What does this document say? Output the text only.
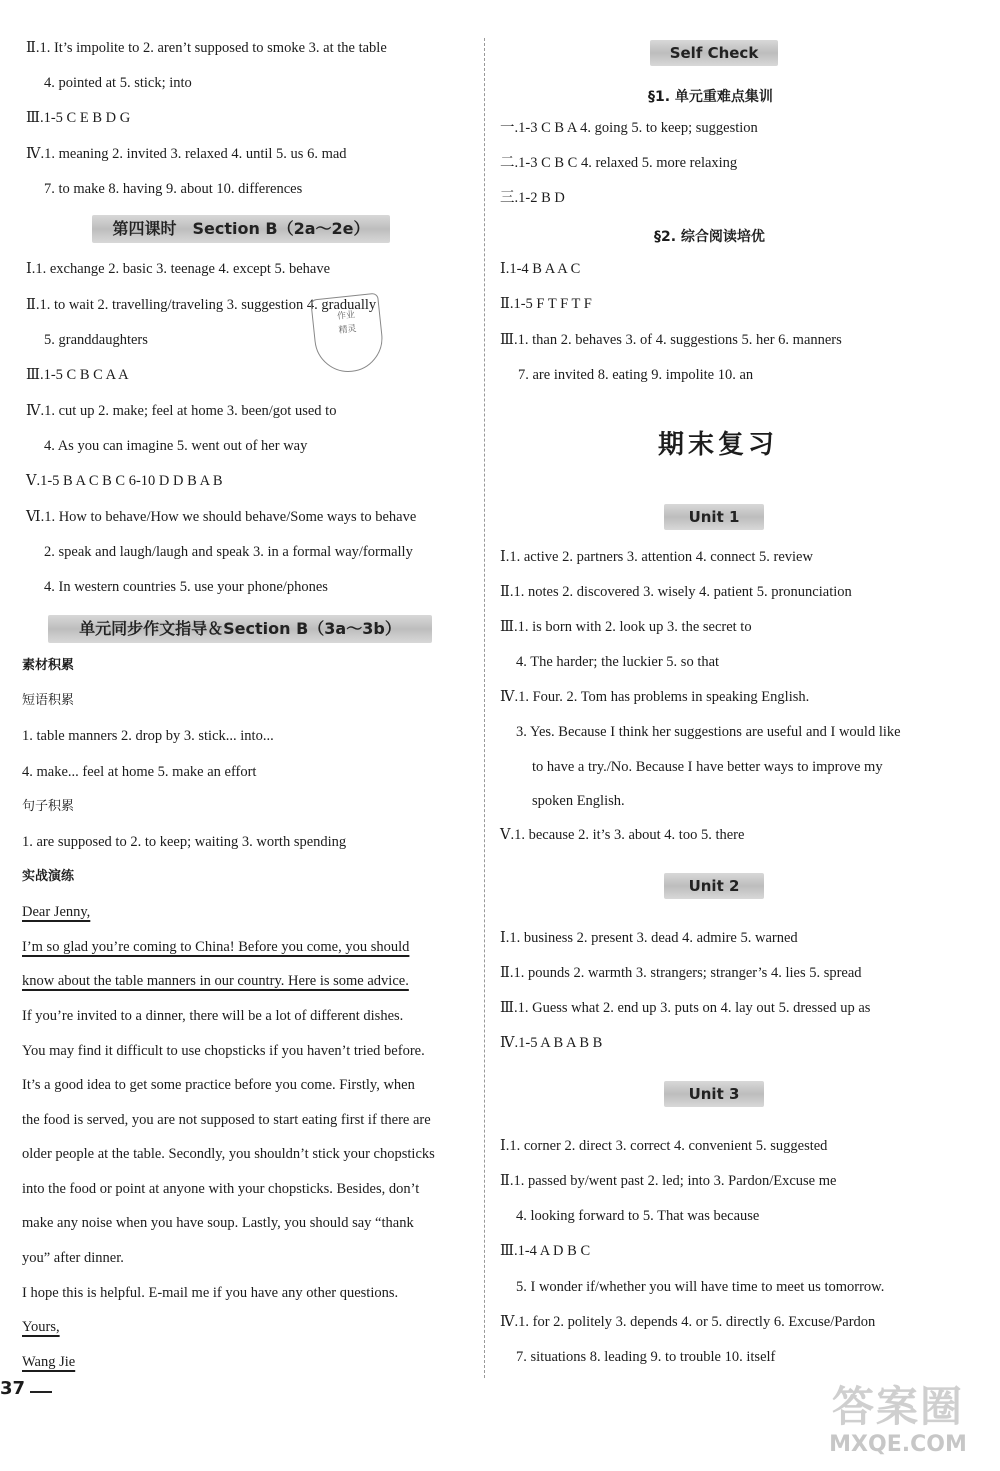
Ⅱ.1. It’s impolite to 2. aren’t supposed to smoke 3. at the table
4. pointed at 5. stick; into
Ⅲ.1-5 C E B D G
Ⅳ.1. meaning 2. invited 3. relaxed 4. until 5. us 6. mad
7. to make 8. having 9. about 10. differences
第四课时　Section B（2a～2e）
Ⅰ.1. exchange 2. basic 3. teenage 4. except 5. behave
Ⅱ.1. to wait 2. travelling/traveling 3. suggestion 4. gradually
5. granddaughters
Ⅲ.1-5 C B C A A
Ⅳ.1. cut up 2. make; feel at home 3. been/got used to
4. As you can imagine 5. went out of her way
Ⅴ.1-5 B A C B C 6-10 D D B A B
Ⅵ.1. How to behave/How we should behave/Some ways to behave
2. speak and laugh/laugh and speak 3. in a formal way/formally
4. In western countries 5. use your phone/phones
作业
精灵
单元同步作文指导＆Section B（3a～3b）
素材积累
短语积累
1. table manners 2. drop by 3. stick... into...
4. make... feel at home 5. make an effort
句子积累
1. are supposed to 2. to keep; waiting 3. worth spending
实战演练
Dear Jenny,
I’m so glad you’re coming to China! Before you come, you should
know about the table manners in our country. Here is some advice.
If you’re invited to a dinner, there will be a lot of different dishes.
You may find it difficult to use chopsticks if you haven’t tried before.
It’s a good idea to get some practice before you come. Firstly, when
the food is served, you are not supposed to start eating first if there are
older people at the table. Secondly, you shouldn’t stick your chopsticks
into the food or point at anyone with your chopsticks. Besides, don’t
make any noise when you have soup. Lastly, you should say “thank
you” after dinner.
I hope this is helpful. E-mail me if you have any other questions.
Yours,
Wang Jie
37
Self Check
§1. 单元重难点集训
一.1-3 C B A 4. going 5. to keep; suggestion
二.1-3 C B C 4. relaxed 5. more relaxing
三.1-2 B D
§2. 综合阅读培优
Ⅰ.1-4 B A A C
Ⅱ.1-5 F T F T F
Ⅲ.1. than 2. behaves 3. of 4. suggestions 5. her 6. manners
7. are invited 8. eating 9. impolite 10. an
期末复习
Unit 1
Ⅰ.1. active 2. partners 3. attention 4. connect 5. review
Ⅱ.1. notes 2. discovered 3. wisely 4. patient 5. pronunciation
Ⅲ.1. is born with 2. look up 3. the secret to
4. The harder; the luckier 5. so that
Ⅳ.1. Four. 2. Tom has problems in speaking English.
3. Yes. Because I think her suggestions are useful and I would like
to have a try./No. Because I have better ways to improve my
spoken English.
Ⅴ.1. because 2. it’s 3. about 4. too 5. there
Unit 2
Ⅰ.1. business 2. present 3. dead 4. admire 5. warned
Ⅱ.1. pounds 2. warmth 3. strangers; stranger’s 4. lies 5. spread
Ⅲ.1. Guess what 2. end up 3. puts on 4. lay out 5. dressed up as
Ⅳ.1-5 A B A B B
Unit 3
Ⅰ.1. corner 2. direct 3. correct 4. convenient 5. suggested
Ⅱ.1. passed by/went past 2. led; into 3. Pardon/Excuse me
4. looking forward to 5. That was because
Ⅲ.1-4 A D B C
5. I wonder if/whether you will have time to meet us tomorrow.
Ⅳ.1. for 2. politely 3. depends 4. or 5. directly 6. Excuse/Pardon
7. situations 8. leading 9. to trouble 10. itself
答案圈
MXQE.COM
